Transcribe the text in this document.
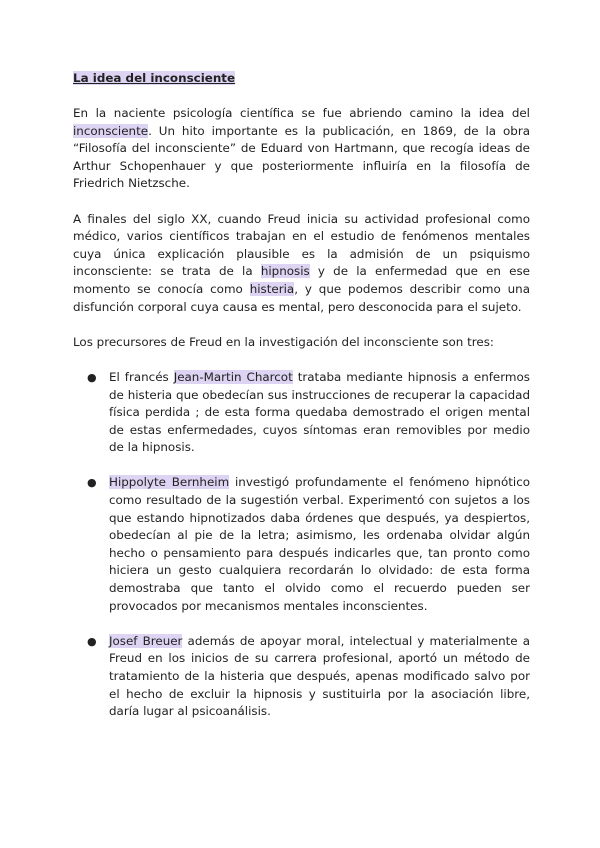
La idea del inconsciente

En la naciente psicología científica se fue abriendo camino la idea del inconsciente. Un hito importante es la publicación, en 1869, de la obra “Filosofía del inconsciente” de Eduard von Hartmann, que recogía ideas de Arthur Schopenhauer y que posteriormente influiría en la filosofía de Friedrich Nietzsche.

A finales del siglo XX, cuando Freud inicia su actividad profesional como médico, varios científicos trabajan en el estudio de fenómenos mentales cuya única explicación plausible es la admisión de un psiquismo inconsciente: se trata de la hipnosis y de la enfermedad que en ese momento se conocía como histeria, y que podemos describir como una disfunción corporal cuya causa es mental, pero desconocida para el sujeto.

Los precursores de Freud en la investigación del inconsciente son tres:

● El francés Jean-Martin Charcot trataba mediante hipnosis a enfermos de histeria que obedecían sus instrucciones de recuperar la capacidad física perdida ; de esta forma quedaba demostrado el origen mental de estas enfermedades, cuyos síntomas eran removibles por medio de la hipnosis.
● Hippolyte Bernheim investigó profundamente el fenómeno hipnótico como resultado de la sugestión verbal. Experimentó con sujetos a los que estando hipnotizados daba órdenes que después, ya despiertos, obedecían al pie de la letra; asimismo, les ordenaba olvidar algún hecho o pensamiento para después indicarles que, tan pronto como hiciera un gesto cualquiera recordarán lo olvidado: de esta forma demostraba que tanto el olvido como el recuerdo pueden ser provocados por mecanismos mentales inconscientes.
● Josef Breuer además de apoyar moral, intelectual y materialmente a Freud en los inicios de su carrera profesional, aportó un método de tratamiento de la histeria que después, apenas modificado salvo por el hecho de excluir la hipnosis y sustituirla por la asociación libre, daría lugar al psicoanálisis.
